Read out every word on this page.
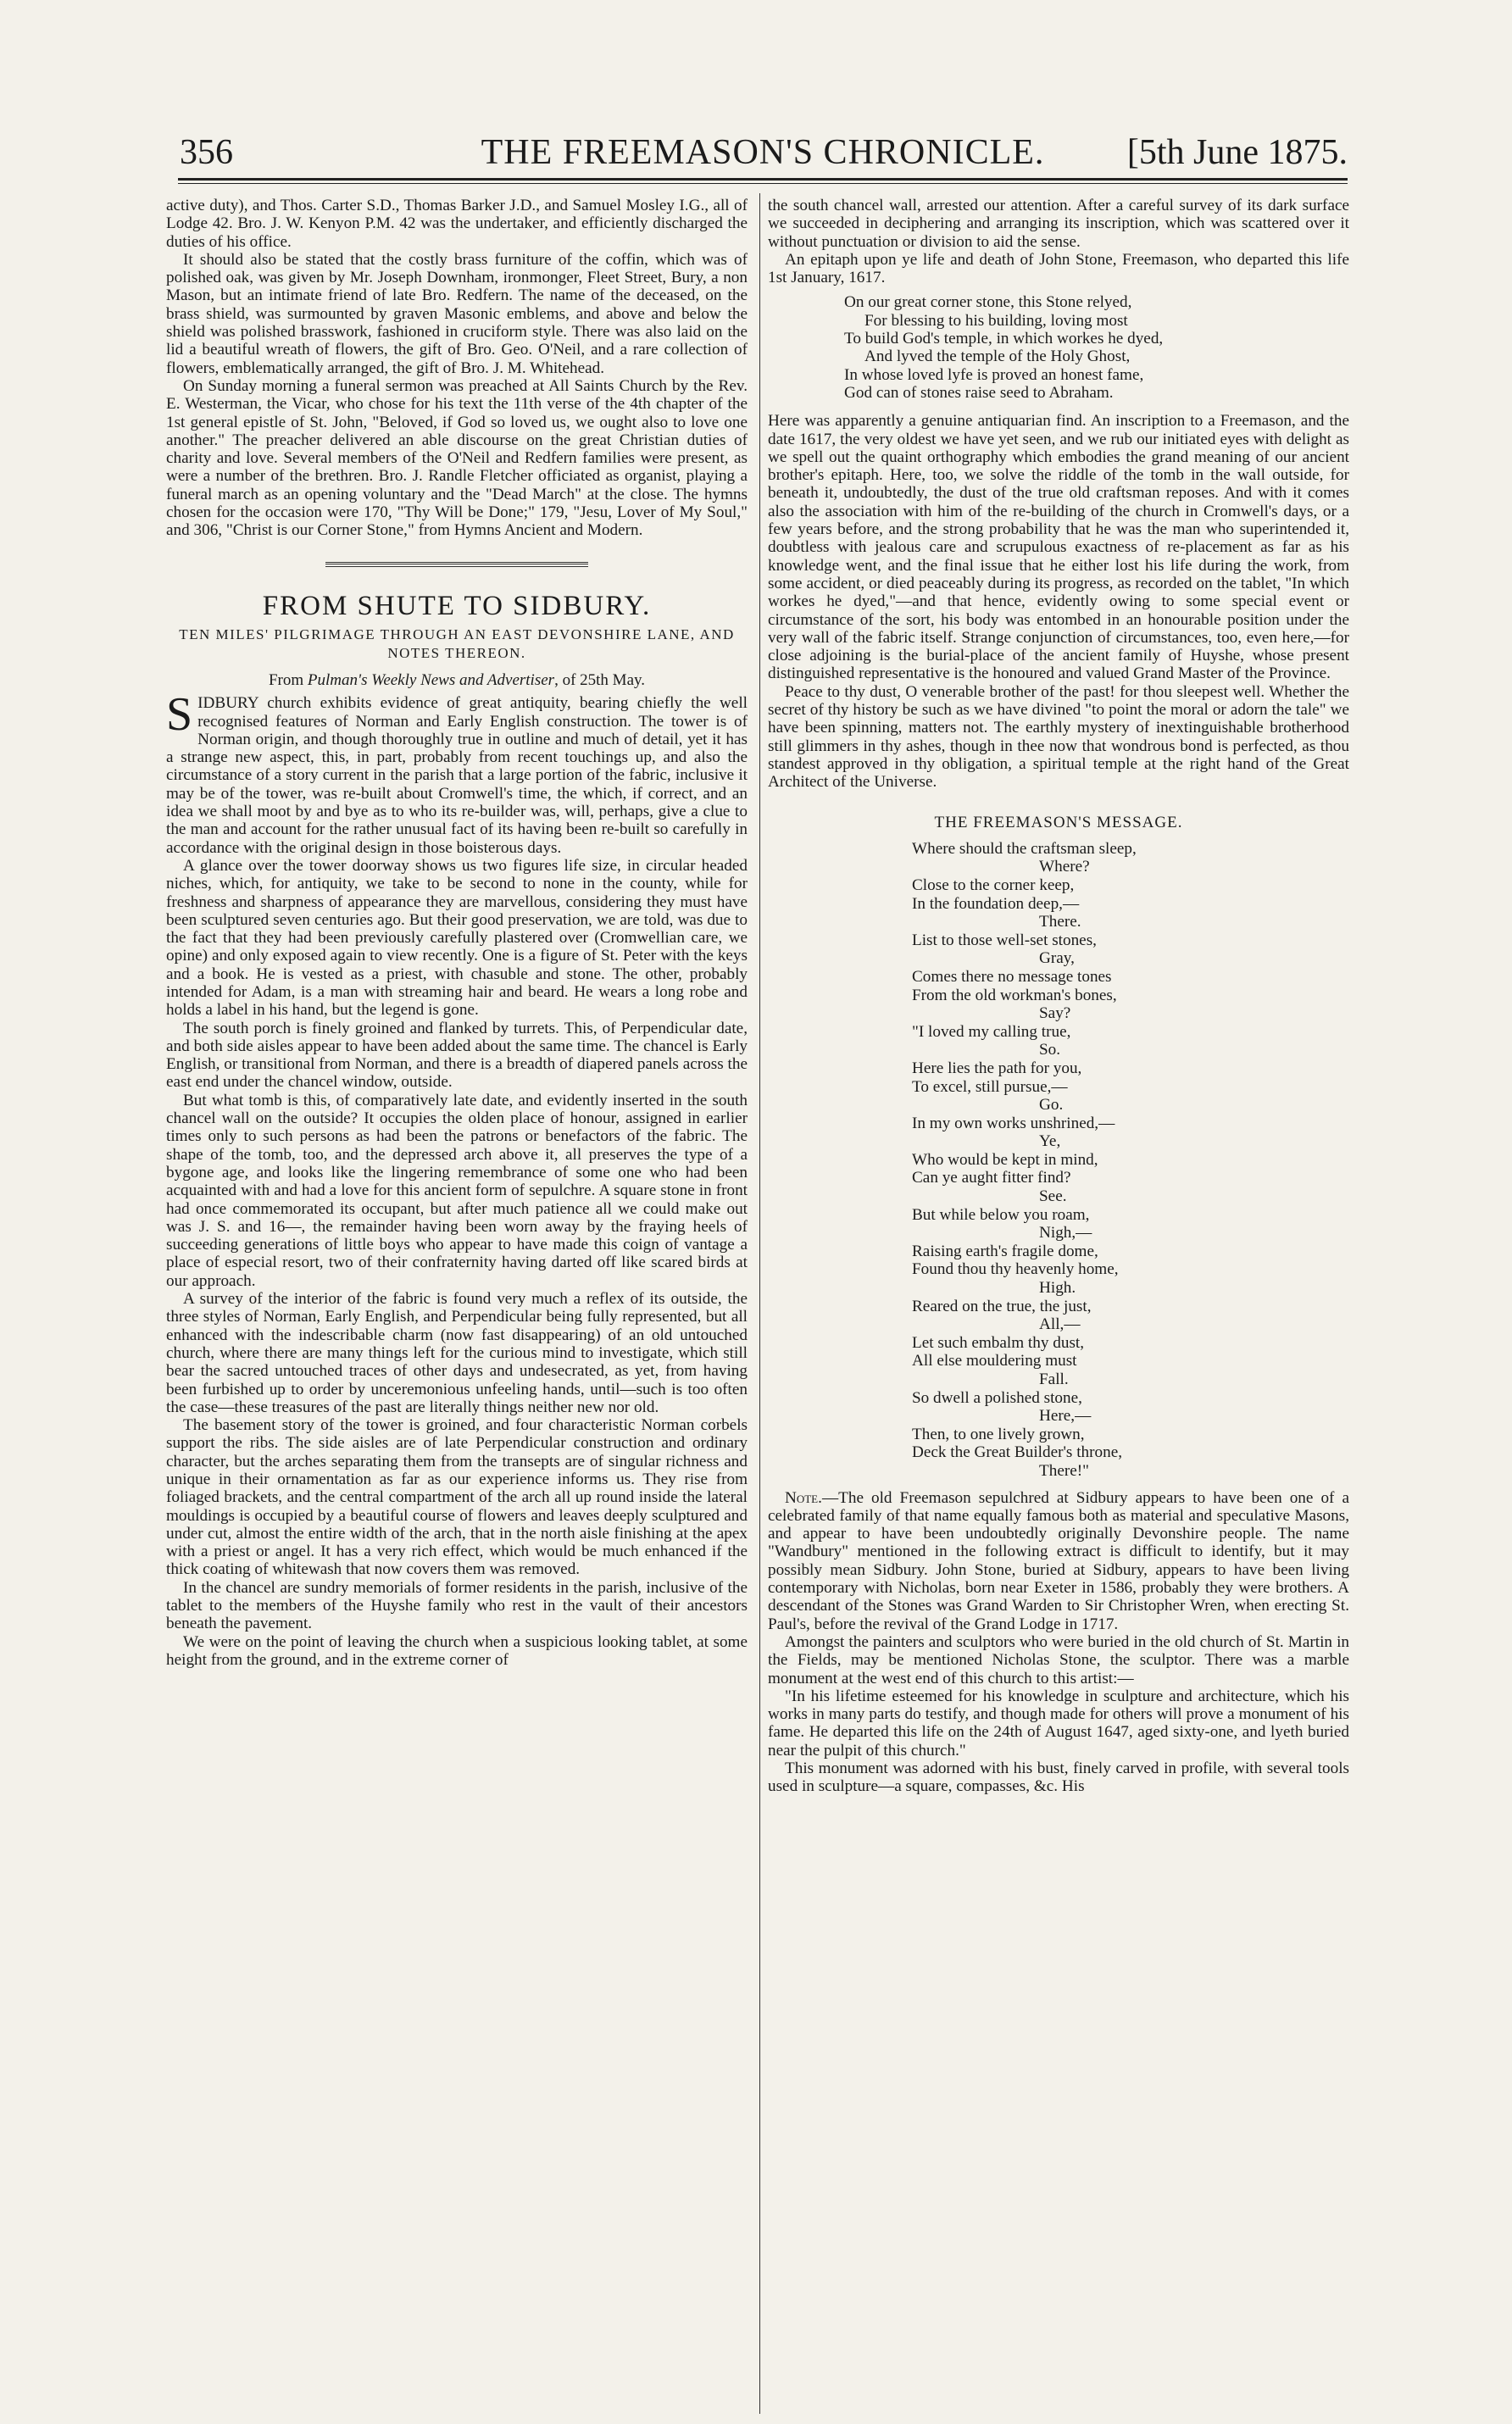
356	THE FREEMASON'S CHRONICLE.	[5th June 1875.

active duty), and Thos. Carter S.D., Thomas Barker J.D., and Samuel Mosley I.G., all of Lodge 42. Bro. J. W. Kenyon P.M. 42 was the undertaker, and efficiently discharged the duties of his office.

It should also be stated that the costly brass furniture of the coffin, which was of polished oak, was given by Mr. Joseph Downham, ironmonger, Fleet Street, Bury, a non Mason, but an intimate friend of late Bro. Redfern. The name of the deceased, on the brass shield, was surmounted by graven Masonic emblems, and above and below the shield was polished brasswork, fashioned in cruciform style. There was also laid on the lid a beautiful wreath of flowers, the gift of Bro. Geo. O'Neil, and a rare collection of flowers, emblematically arranged, the gift of Bro. J. M. Whitehead.

On Sunday morning a funeral sermon was preached at All Saints Church by the Rev. E. Westerman, the Vicar, who chose for his text the 11th verse of the 4th chapter of the 1st general epistle of St. John, "Beloved, if God so loved us, we ought also to love one another." The preacher delivered an able discourse on the great Christian duties of charity and love. Several members of the O'Neil and Redfern families were present, as were a number of the brethren. Bro. J. Randle Fletcher officiated as organist, playing a funeral march as an opening voluntary and the "Dead March" at the close. The hymns chosen for the occasion were 170, "Thy Will be Done;" 179, "Jesu, Lover of My Soul," and 306, "Christ is our Corner Stone," from Hymns Ancient and Modern.

FROM SHUTE TO SIDBURY.

TEN MILES' PILGRIMAGE THROUGH AN EAST DEVONSHIRE LANE, AND NOTES THEREON.

From Pulman's Weekly News and Advertiser, of 25th May.

SIDBURY church exhibits evidence of great antiquity, bearing chiefly the well recognised features of Norman and Early English construction. The tower is of Norman origin, and though thoroughly true in outline and much of detail, yet it has a strange new aspect, this, in part, probably from recent touchings up, and also the circumstance of a story current in the parish that a large portion of the fabric, inclusive it may be of the tower, was re-built about Cromwell's time, the which, if correct, and an idea we shall moot by and bye as to who its re-builder was, will, perhaps, give a clue to the man and account for the rather unusual fact of its having been re-built so carefully in accordance with the original design in those boisterous days.

A glance over the tower doorway shows us two figures life size, in circular headed niches, which, for antiquity, we take to be second to none in the county, while for freshness and sharpness of appearance they are marvellous, considering they must have been sculptured seven centuries ago. But their good preservation, we are told, was due to the fact that they had been previously carefully plastered over (Cromwellian care, we opine) and only exposed again to view recently. One is a figure of St. Peter with the keys and a book. He is vested as a priest, with chasuble and stone. The other, probably intended for Adam, is a man with streaming hair and beard. He wears a long robe and holds a label in his hand, but the legend is gone.

The south porch is finely groined and flanked by turrets. This, of Perpendicular date, and both side aisles appear to have been added about the same time. The chancel is Early English, or transitional from Norman, and there is a breadth of diapered panels across the east end under the chancel window, outside.

But what tomb is this, of comparatively late date, and evidently inserted in the south chancel wall on the outside? It occupies the olden place of honour, assigned in earlier times only to such persons as had been the patrons or benefactors of the fabric. The shape of the tomb, too, and the depressed arch above it, all preserves the type of a bygone age, and looks like the lingering remembrance of some one who had been acquainted with and had a love for this ancient form of sepulchre. A square stone in front had once commemorated its occupant, but after much patience all we could make out was J. S. and 16—, the remainder having been worn away by the fraying heels of succeeding generations of little boys who appear to have made this coign of vantage a place of especial resort, two of their confraternity having darted off like scared birds at our approach.

A survey of the interior of the fabric is found very much a reflex of its outside, the three styles of Norman, Early English, and Perpendicular being fully represented, but all enhanced with the indescribable charm (now fast disappearing) of an old untouched church, where there are many things left for the curious mind to investigate, which still bear the sacred untouched traces of other days and undesecrated, as yet, from having been furbished up to order by unceremonious unfeeling hands, until—such is too often the case—these treasures of the past are literally things neither new nor old.

The basement story of the tower is groined, and four characteristic Norman corbels support the ribs. The side aisles are of late Perpendicular construction and ordinary character, but the arches separating them from the transepts are of singular richness and unique in their ornamentation as far as our experience informs us. They rise from foliaged brackets, and the central compartment of the arch all up round inside the lateral mouldings is occupied by a beautiful course of flowers and leaves deeply sculptured and under cut, almost the entire width of the arch, that in the north aisle finishing at the apex with a priest or angel. It has a very rich effect, which would be much enhanced if the thick coating of whitewash that now covers them was removed.

In the chancel are sundry memorials of former residents in the parish, inclusive of the tablet to the members of the Huyshe family who rest in the vault of their ancestors beneath the pavement.

We were on the point of leaving the church when a suspicious looking tablet, at some height from the ground, and in the extreme corner of

the south chancel wall, arrested our attention. After a careful survey of its dark surface we succeeded in deciphering and arranging its inscription, which was scattered over it without punctuation or division to aid the sense.

An epitaph upon ye life and death of John Stone, Freemason, who departed this life 1st January, 1617.

On our great corner stone, this Stone relyed,
For blessing to his building, loving most
To build God's temple, in which workes he dyed,
And lyved the temple of the Holy Ghost,
In whose loved lyfe is proved an honest fame,
God can of stones raise seed to Abraham.

Here was apparently a genuine antiquarian find. An inscription to a Freemason, and the date 1617, the very oldest we have yet seen, and we rub our initiated eyes with delight as we spell out the quaint orthography which embodies the grand meaning of our ancient brother's epitaph. Here, too, we solve the riddle of the tomb in the wall outside, for beneath it, undoubtedly, the dust of the true old craftsman reposes. And with it comes also the association with him of the re-building of the church in Cromwell's days, or a few years before, and the strong probability that he was the man who superintended it, doubtless with jealous care and scrupulous exactness of re-placement as far as his knowledge went, and the final issue that he either lost his life during the work, from some accident, or died peaceably during its progress, as recorded on the tablet, "In which workes he dyed,"—and that hence, evidently owing to some special event or circumstance of the sort, his body was entombed in an honourable position under the very wall of the fabric itself. Strange conjunction of circumstances, too, even here,—for close adjoining is the burial-place of the ancient family of Huyshe, whose present distinguished representative is the honoured and valued Grand Master of the Province.

Peace to thy dust, O venerable brother of the past! for thou sleepest well. Whether the secret of thy history be such as we have divined "to point the moral or adorn the tale" we have been spinning, matters not. The earthly mystery of inextinguishable brotherhood still glimmers in thy ashes, though in thee now that wondrous bond is perfected, as thou standest approved in thy obligation, a spiritual temple at the right hand of the Great Architect of the Universe.

THE FREEMASON'S MESSAGE.
Where should the craftsman sleep,
Where?
Close to the corner keep,
In the foundation deep,—
There.
List to those well-set stones,
Gray,
Comes there no message tones
From the old workman's bones,
Say?
"I loved my calling true,
So.
Here lies the path for you,
To excel, still pursue,—
Go.
In my own works unshrined,—
Ye,
Who would be kept in mind,
Can ye aught fitter find?
See.
But while below you roam,
Nigh,—
Raising earth's fragile dome,
Found thou thy heavenly home,
High.
Reared on the true, the just,
All,—
Let such embalm thy dust,
All else mouldering must
Fall.
So dwell a polished stone,
Here,—
Then, to one lively grown,
Deck the Great Builder's throne,
There!"

Note.—The old Freemason sepulchred at Sidbury appears to have been one of a celebrated family of that name equally famous both as material and speculative Masons, and appear to have been undoubtedly originally Devonshire people. The name "Wandbury" mentioned in the following extract is difficult to identify, but it may possibly mean Sidbury. John Stone, buried at Sidbury, appears to have been living contemporary with Nicholas, born near Exeter in 1586, probably they were brothers. A descendant of the Stones was Grand Warden to Sir Christopher Wren, when erecting St. Paul's, before the revival of the Grand Lodge in 1717.

Amongst the painters and sculptors who were buried in the old church of St. Martin in the Fields, may be mentioned Nicholas Stone, the sculptor. There was a marble monument at the west end of this church to this artist:—

"In his lifetime esteemed for his knowledge in sculpture and architecture, which his works in many parts do testify, and though made for others will prove a monument of his fame. He departed this life on the 24th of August 1647, aged sixty-one, and lyeth buried near the pulpit of this church."

This monument was adorned with his bust, finely carved in profile, with several tools used in sculpture—a square, compasses, &c. His
